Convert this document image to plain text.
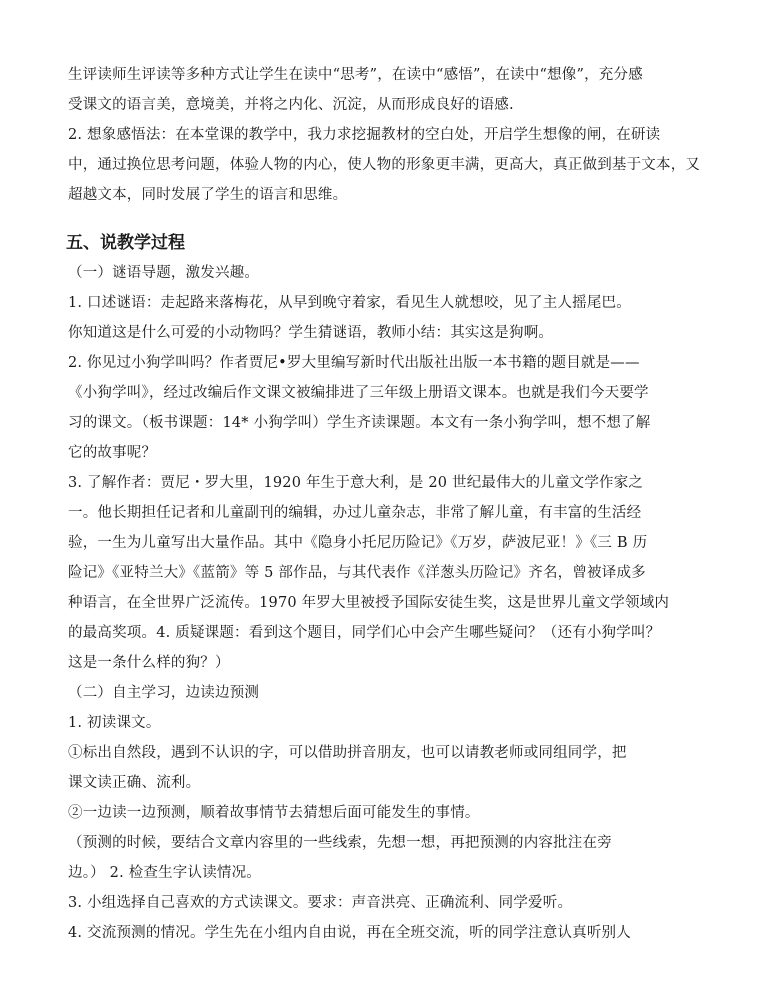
生评读师生评读等多种方式让学生在读中“思考”，在读中“感悟”，在读中“想像”，充分感
受课文的语言美，意境美，并将之内化、沉淀，从而形成良好的语感.
2. 想象感悟法：在本堂课的教学中，我力求挖掘教材的空白处，开启学生想像的闸，在研读
中，通过换位思考问题，体验人物的内心，使人物的形象更丰满，更高大，真正做到基于文本，又
超越文本，同时发展了学生的语言和思维。
五、说教学过程
（一）谜语导题，激发兴趣。
1. 口述谜语：走起路来落梅花，从早到晚守着家，看见生人就想咬，见了主人摇尾巴。
你知道这是什么可爱的小动物吗？学生猜谜语，教师小结：其实这是狗啊。
2. 你见过小狗学叫吗？作者贾尼•罗大里编写新时代出版社出版一本书籍的题目就是——
《小狗学叫》，经过改编后作文课文被编排进了三年级上册语文课本。也就是我们今天要学
习的课文。（板书课题：14* 小狗学叫）学生齐读课题。本文有一条小狗学叫，想不想了解
它的故事呢？
3. 了解作者：贾尼・罗大里，1920 年生于意大利，是 20 世纪最伟大的儿童文学作家之
一。他长期担任记者和儿童副刊的编辑，办过儿童杂志，非常了解儿童，有丰富的生活经
验，一生为儿童写出大量作品。其中《隐身小托尼历险记》《万岁，萨波尼亚！》《三 B 历
险记》《亚特兰大》《蓝箭》等 5 部作品，与其代表作《洋葱头历险记》齐名，曾被译成多
种语言，在全世界广泛流传。1970 年罗大里被授予国际安徒生奖，这是世界儿童文学领域内
的最高奖项。4. 质疑课题：看到这个题目，同学们心中会产生哪些疑问？（还有小狗学叫？
这是一条什么样的狗？）
（二）自主学习，边读边预测
1. 初读课文。
①标出自然段，遇到不认识的字，可以借助拼音朋友，也可以请教老师或同组同学，把
课文读正确、流利。
②一边读一边预测，顺着故事情节去猜想后面可能发生的事情。
（预测的时候，要结合文章内容里的一些线索，先想一想，再把预测的内容批注在旁
边。） 2. 检查生字认读情况。
3. 小组选择自己喜欢的方式读课文。要求：声音洪亮、正确流利、同学爱听。
4. 交流预测的情况。学生先在小组内自由说，再在全班交流，听的同学注意认真听别人
